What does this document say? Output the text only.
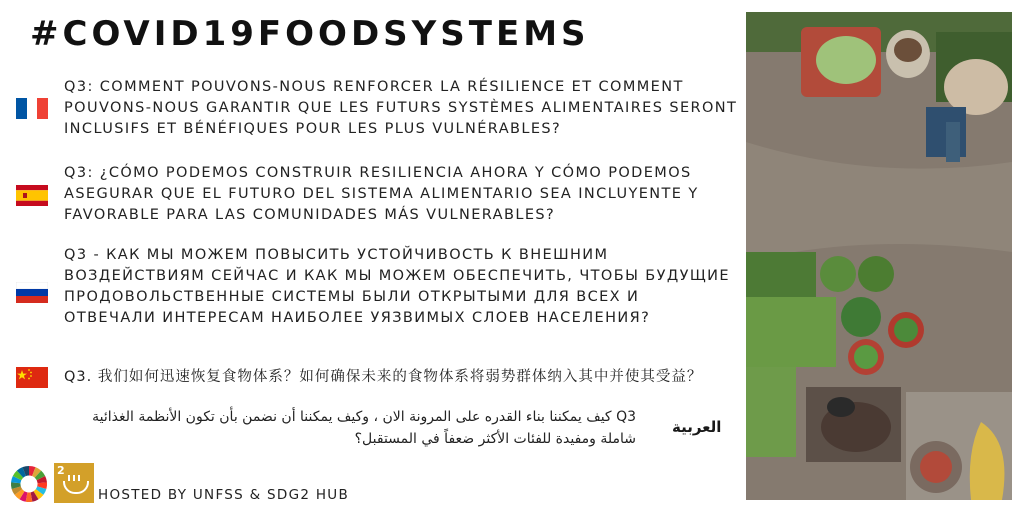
#COVID19FOODSYSTEMS
Q3: COMMENT POUVONS-NOUS RENFORCER LA RÉSILIENCE ET COMMENT POUVONS-NOUS GARANTIR QUE LES FUTURS SYSTÈMES ALIMENTAIRES SERONT INCLUSIFS ET BÉNÉFIQUES POUR LES PLUS VULNÉRABLES?
Q3: ¿CÓMO PODEMOS CONSTRUIR RESILIENCIA AHORA Y CÓMO PODEMOS ASEGURAR QUE EL FUTURO DEL SISTEMA ALIMENTARIO SEA INCLUYENTE Y FAVORABLE PARA LAS COMUNIDADES MÁS VULNERABLES?
Q3 - КАК МЫ МОЖЕМ ПОВЫСИТЬ УСТОЙЧИВОСТЬ К ВНЕШНИМ ВОЗДЕЙСТВИЯМ СЕЙЧАС И КАК МЫ МОЖЕМ ОБЕСПЕЧИТЬ, ЧТОБЫ БУДУЩИЕ ПРОДОВОЛЬСТВЕННЫЕ СИСТЕМЫ БЫЛИ ОТКРЫТЫМИ ДЛЯ ВСЕХ И ОТВЕЧАЛИ ИНТЕРЕСАМ НАИБОЛЕЕ УЯЗВИМЫХ СЛОЕВ НАСЕЛЕНИЯ?
Q3. 我们如何迅速恢复食物体系？如何确保未来的食物体系将弱势群体纳入其中并使其受益？
العربية
Q3 كيف يمكننا بناء القدره على المرونة الان ، وكيف يمكننا أن نضمن بأن تكون الأنظمة الغذائية شاملة ومفيدة للفئات الأكثر ضعفاً في المستقبل؟
2
HOSTED BY UNFSS & SDG2 HUB
